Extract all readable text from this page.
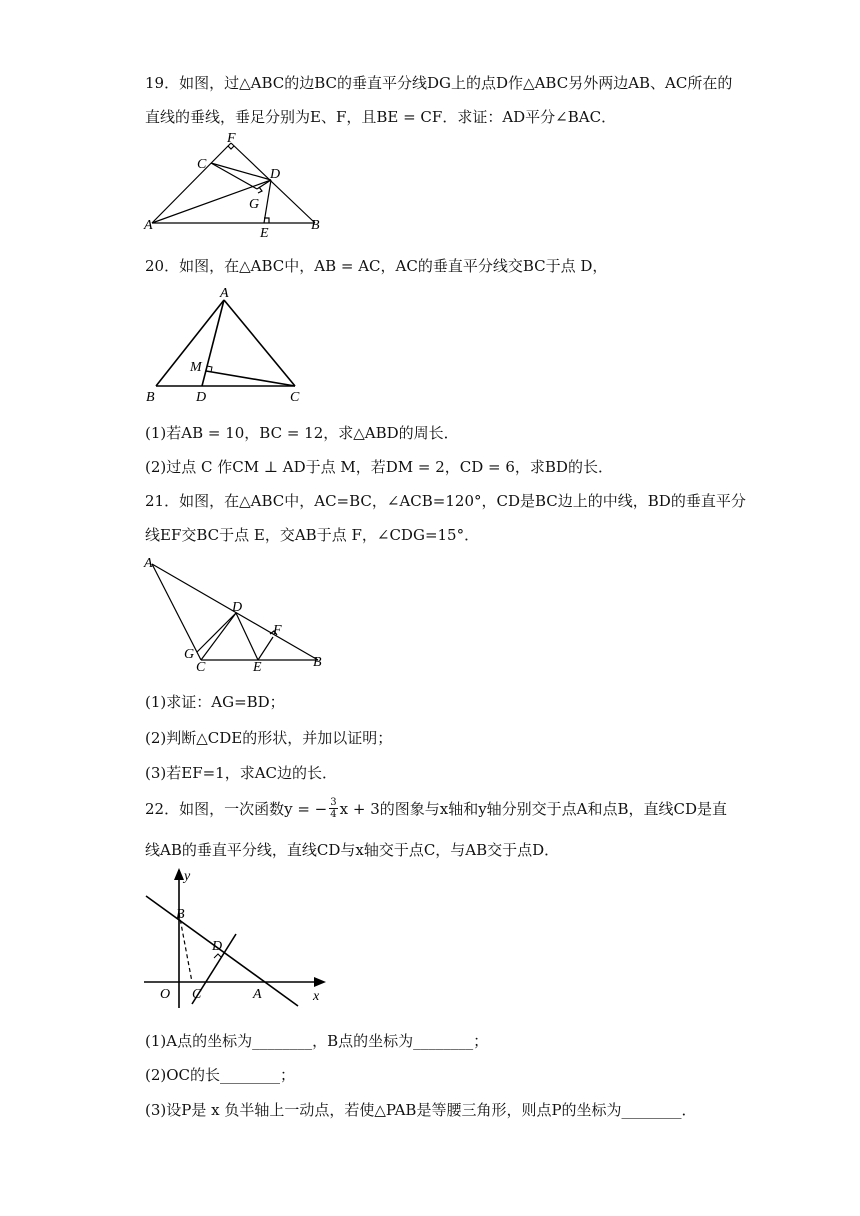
19．如图，过△ABC的边BC的垂直平分线DG上的点D作△ABC另外两边AB、AC所在的
直线的垂线，垂足分别为E、F，且BE = CF．求证：AD平分∠BAC．
F
C
D
G
A	B
E
20．如图，在△ABC中，AB = AC，AC的垂直平分线交BC于点 D，
A
M
B	D	C
(1)若AB = 10，BC = 12，求△ABD的周长．
(2)过点 C 作CM ⊥ AD于点 M，若DM = 2，CD = 6，求BD的长．
21．如图，在△ABC中，AC=BC，∠ACB=120°，CD是BC边上的中线，BD的垂直平分
线EF交BC于点 E，交AB于点 F，∠CDG=15°．
A
D
F
G
C	E	B
(1)求证：AG=BD；
(2)判断△CDE的形状，并加以证明；
(3)若EF=1，求AC边的长．
22．如图，一次函数y = − $\frac{3}{4}$ x + 3的图象与x轴和y轴分别交于点A和点B，直线CD是直
线AB的垂直平分线，直线CD与x轴交于点C，与AB交于点D．
y
B
D
O C	A	x
(1)A点的坐标为________，B点的坐标为________；
(2)OC的长________；
(3)设P是 x 负半轴上一动点，若使△PAB是等腰三角形，则点P的坐标为________．
